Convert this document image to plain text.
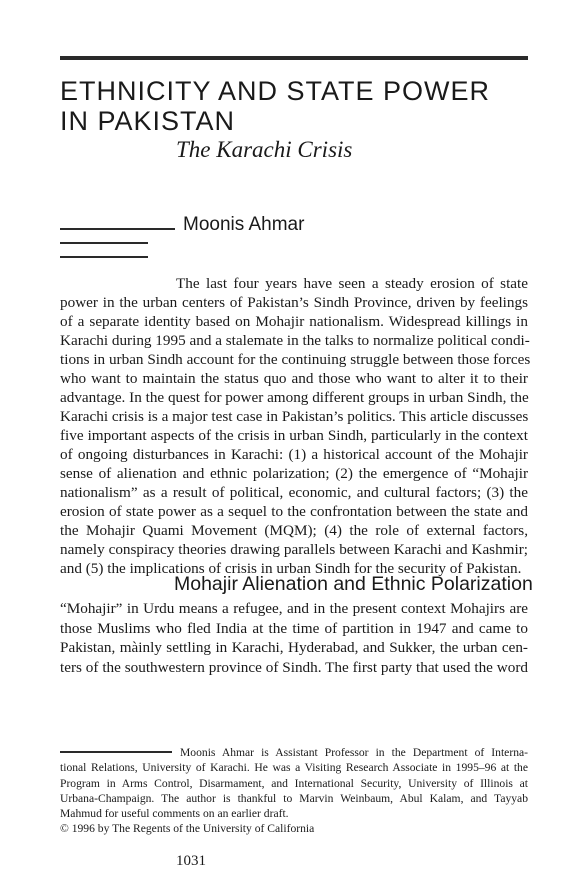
ETHNICITY AND STATE POWER
IN PAKISTAN
The Karachi Crisis
Moonis Ahmar
The last four years have seen a steady erosion of state
power in the urban centers of Pakistan’s Sindh Province, driven by feelings
of a separate identity based on Mohajir nationalism. Widespread killings in
Karachi during 1995 and a stalemate in the talks to normalize political condi-
tions in urban Sindh account for the continuing struggle between those forces
who want to maintain the status quo and those who want to alter it to their
advantage. In the quest for power among different groups in urban Sindh, the
Karachi crisis is a major test case in Pakistan’s politics. This article discusses
five important aspects of the crisis in urban Sindh, particularly in the context
of ongoing disturbances in Karachi: (1) a historical account of the Mohajir
sense of alienation and ethnic polarization; (2) the emergence of “Mohajir
nationalism” as a result of political, economic, and cultural factors; (3) the
erosion of state power as a sequel to the confrontation between the state and
the Mohajir Quami Movement (MQM); (4) the role of external factors,
namely conspiracy theories drawing parallels between Karachi and Kashmir;
and (5) the implications of crisis in urban Sindh for the security of Pakistan.
Mohajir Alienation and Ethnic Polarization
“Mohajir” in Urdu means a refugee, and in the present context Mohajirs are
those Muslims who fled India at the time of partition in 1947 and came to
Pakistan, màinly settling in Karachi, Hyderabad, and Sukker, the urban cen-
ters of the southwestern province of Sindh. The first party that used the word
Moonis Ahmar is Assistant Professor in the Department of Interna-
tional Relations, University of Karachi. He was a Visiting Research Associate in 1995–96 at the
Program in Arms Control, Disarmament, and International Security, University of Illinois at
Urbana-Champaign. The author is thankful to Marvin Weinbaum, Abul Kalam, and Tayyab
Mahmud for useful comments on an earlier draft.
© 1996 by The Regents of the University of California
1031
